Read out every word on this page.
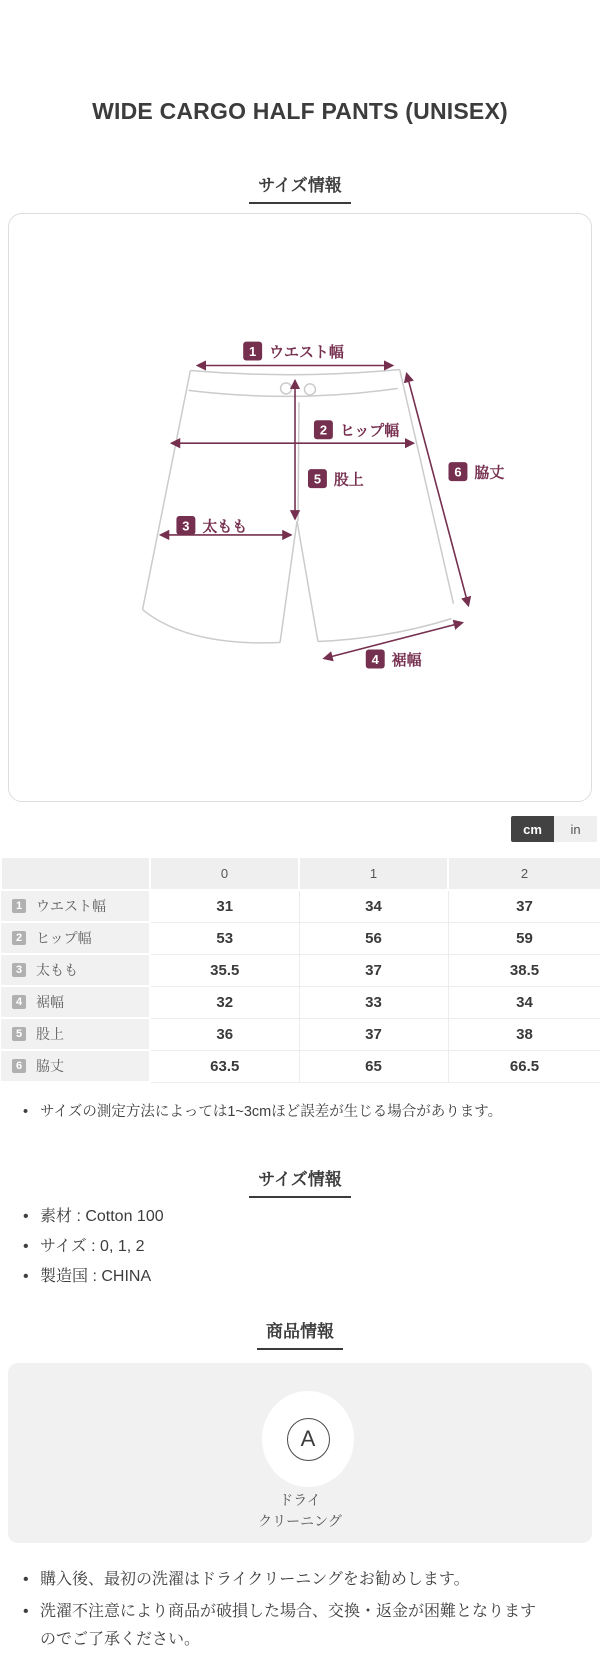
WIDE CARGO HALF PANTS (UNISEX)
サイズ情報
1 ウエスト幅
2 ヒップ幅
3 太もも
4 裾幅
5 股上	6 脇丈
cm	in
	0	1	2

1 ウエスト幅	31	34	37

2 ヒップ幅	53	56	59

3 太もも	35.5	37	38.5

4 裾幅	32	33	34

5 股上	36	37	38

6 脇丈	63.5	65	66.5
• サイズの測定方法によっては1~3cmほど誤差が生じる場合があります。
サイズ情報
• 素材 : Cotton 100
• サイズ : 0, 1, 2
• 製造国 : CHINA
商品情報
A
ドライ
クリーニング
• 購入後、最初の洗濯はドライクリーニングをお勧めします。
• 洗濯不注意により商品が破損した場合、交換・返金が困難となりますのでご了承ください。
